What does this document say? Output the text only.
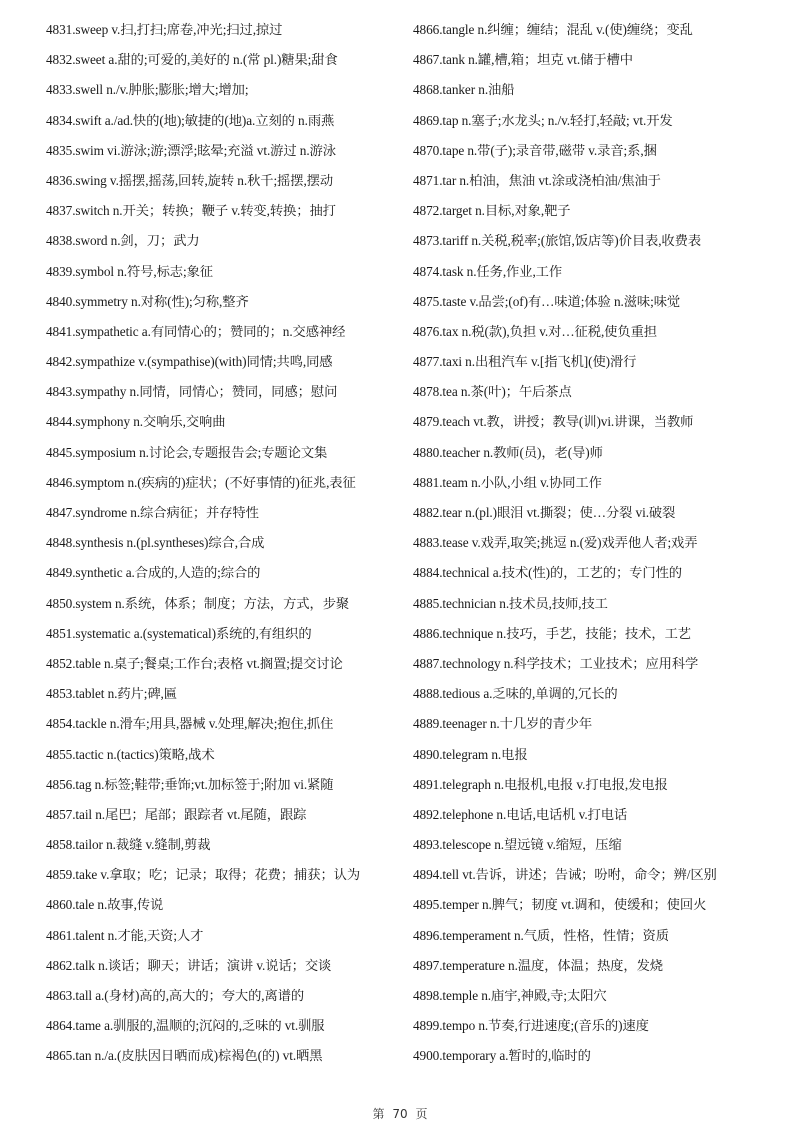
4831.sweep v.扫,打扫;席卷,冲光;扫过,掠过
4832.sweet a.甜的;可爱的,美好的 n.(常 pl.)糖果;甜食
4833.swell n./v.肿胀;膨胀;增大;增加;
4834.swift a./ad.快的(地);敏捷的(地)a.立刻的 n.雨燕
4835.swim vi.游泳;游;漂浮;眩晕;充溢 vt.游过 n.游泳
4836.swing v.摇摆,摇荡,回转,旋转 n.秋千;摇摆,摆动
4837.switch n.开关；转换；鞭子 v.转变,转换；抽打
4838.sword n.剑，刀；武力
4839.symbol n.符号,标志;象征
4840.symmetry n.对称(性);匀称,整齐
4841.sympathetic a.有同情心的；赞同的；n.交感神经
4842.sympathize v.(sympathise)(with)同情;共鸣,同感
4843.sympathy n.同情，同情心；赞同，同感；慰问
4844.symphony n.交响乐,交响曲
4845.symposium n.讨论会,专题报告会;专题论文集
4846.symptom n.(疾病的)症状；(不好事情的)征兆,表征
4847.syndrome n.综合病征；并存特性
4848.synthesis n.(pl.syntheses)综合,合成
4849.synthetic a.合成的,人造的;综合的
4850.system n.系统，体系；制度；方法，方式，步聚
4851.systematic a.(systematical)系统的,有组织的
4852.table n.桌子;餐桌;工作台;表格 vt.搁置;提交讨论
4853.tablet n.药片;碑,匾
4854.tackle n.滑车;用具,器械 v.处理,解决;抱住,抓住
4855.tactic n.(tactics)策略,战术
4856.tag n.标签;鞋带;垂饰;vt.加标签于;附加 vi.紧随
4857.tail n.尾巴；尾部；跟踪者 vt.尾随，跟踪
4858.tailor n.裁缝 v.缝制,剪裁
4859.take v.拿取；吃；记录；取得；花费；捕获；认为
4860.tale n.故事,传说
4861.talent n.才能,天资;人才
4862.talk n.谈话；聊天；讲话；演讲 v.说话；交谈
4863.tall a.(身材)高的,高大的；夸大的,离谱的
4864.tame a.驯服的,温顺的;沉闷的,乏味的 vt.驯服
4865.tan n./a.(皮肤因日晒而成)棕褐色(的) vt.晒黑
4866.tangle n.纠缠；缠结；混乱 v.(使)缠绕；变乱
4867.tank n.罐,槽,箱；坦克 vt.储于槽中
4868.tanker n.油船
4869.tap n.塞子;水龙头; n./v.轻打,轻敲; vt.开发
4870.tape n.带(子);录音带,磁带 v.录音;系,捆
4871.tar n.柏油，焦油 vt.涂或浇柏油/焦油于
4872.target n.目标,对象,靶子
4873.tariff n.关税,税率;(旅馆,饭店等)价目表,收费表
4874.task n.任务,作业,工作
4875.taste v.品尝;(of)有…味道;体验 n.滋味;味觉
4876.tax n.税(款),负担 v.对…征税,使负重担
4877.taxi n.出租汽车 v.[指飞机](使)滑行
4878.tea n.茶(叶)；午后茶点
4879.teach vt.教，讲授；教导(训)vi.讲课，当教师
4880.teacher n.教师(员)，老(导)师
4881.team n.小队,小组 v.协同工作
4882.tear n.(pl.)眼泪 vt.撕裂；使…分裂 vi.破裂
4883.tease v.戏弄,取笑;挑逗 n.(爱)戏弄他人者;戏弄
4884.technical a.技术(性)的，工艺的；专门性的
4885.technician n.技术员,技师,技工
4886.technique n.技巧，手艺，技能；技术，工艺
4887.technology n.科学技术；工业技术；应用科学
4888.tedious a.乏味的,单调的,冗长的
4889.teenager n.十几岁的青少年
4890.telegram n.电报
4891.telegraph n.电报机,电报 v.打电报,发电报
4892.telephone n.电话,电话机 v.打电话
4893.telescope n.望远镜 v.缩短，压缩
4894.tell vt.告诉，讲述；告诫；吩咐，命令；辨/区别
4895.temper n.脾气；韧度 vt.调和，使缓和；使回火
4896.temperament n.气质，性格，性情；资质
4897.temperature n.温度，体温；热度，发烧
4898.temple n.庙宇,神殿,寺;太阳穴
4899.tempo n.节奏,行进速度;(音乐的)速度
4900.temporary a.暂时的,临时的
第 70 页
